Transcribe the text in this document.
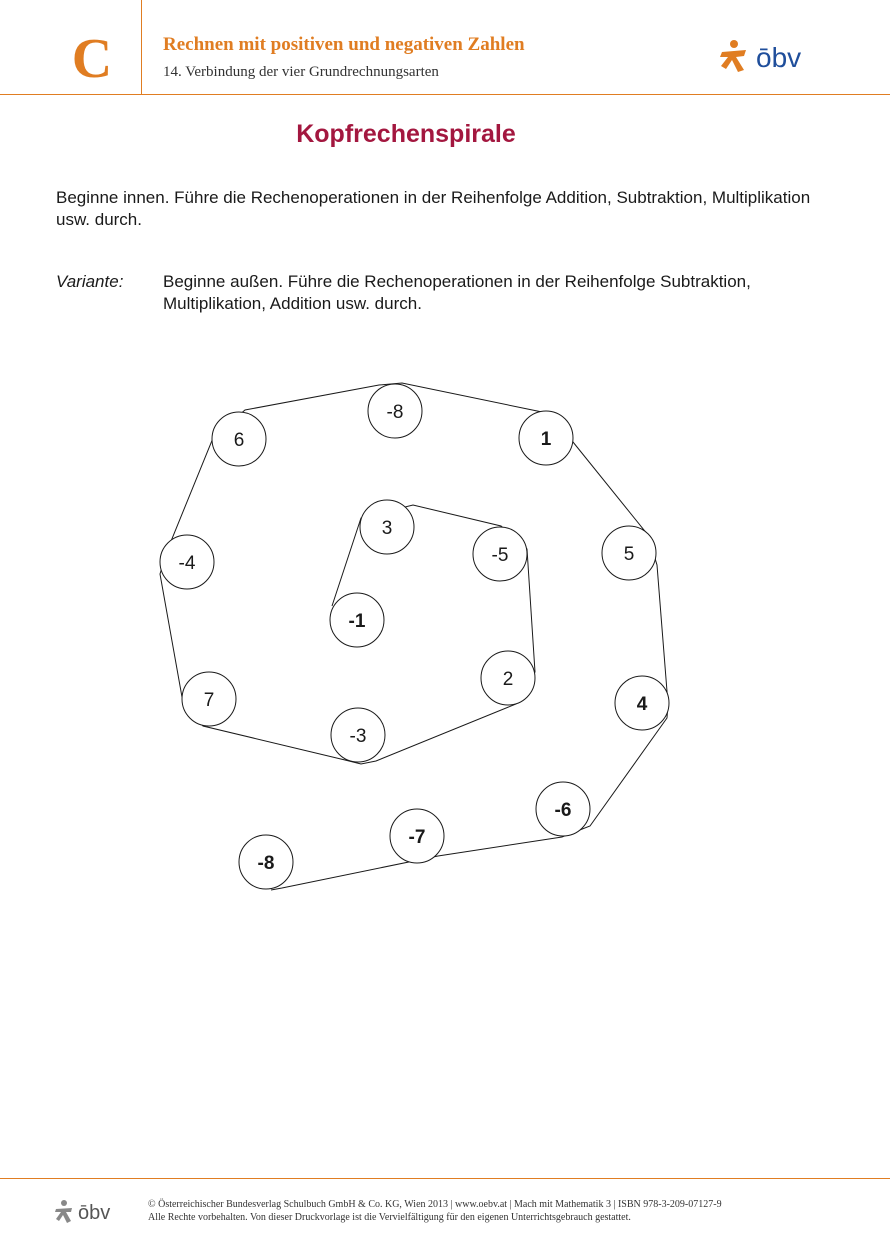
C	Rechnen mit positiven und negativen Zahlen
14. Verbindung der vier Grundrechnungsarten	ōbv
Kopfrechenspirale
Beginne innen. Führe die Rechenoperationen in der Reihenfolge Addition, Subtraktion, Multiplikation usw. durch.
Variante: Beginne außen. Führe die Rechenoperationen in der Reihenfolge Subtraktion, Multiplikation, Addition usw. durch.
-1
3
-5
2
-3
7
-4
6
-8
1
5
4
-6
-7
-8
ōbv	© Österreichischer Bundesverlag Schulbuch GmbH & Co. KG, Wien 2013 | www.oebv.at | Mach mit Mathematik 3 | ISBN 978-3-209-07127-9
Alle Rechte vorbehalten. Von dieser Druckvorlage ist die Vervielfältigung für den eigenen Unterrichtsgebrauch gestattet.
